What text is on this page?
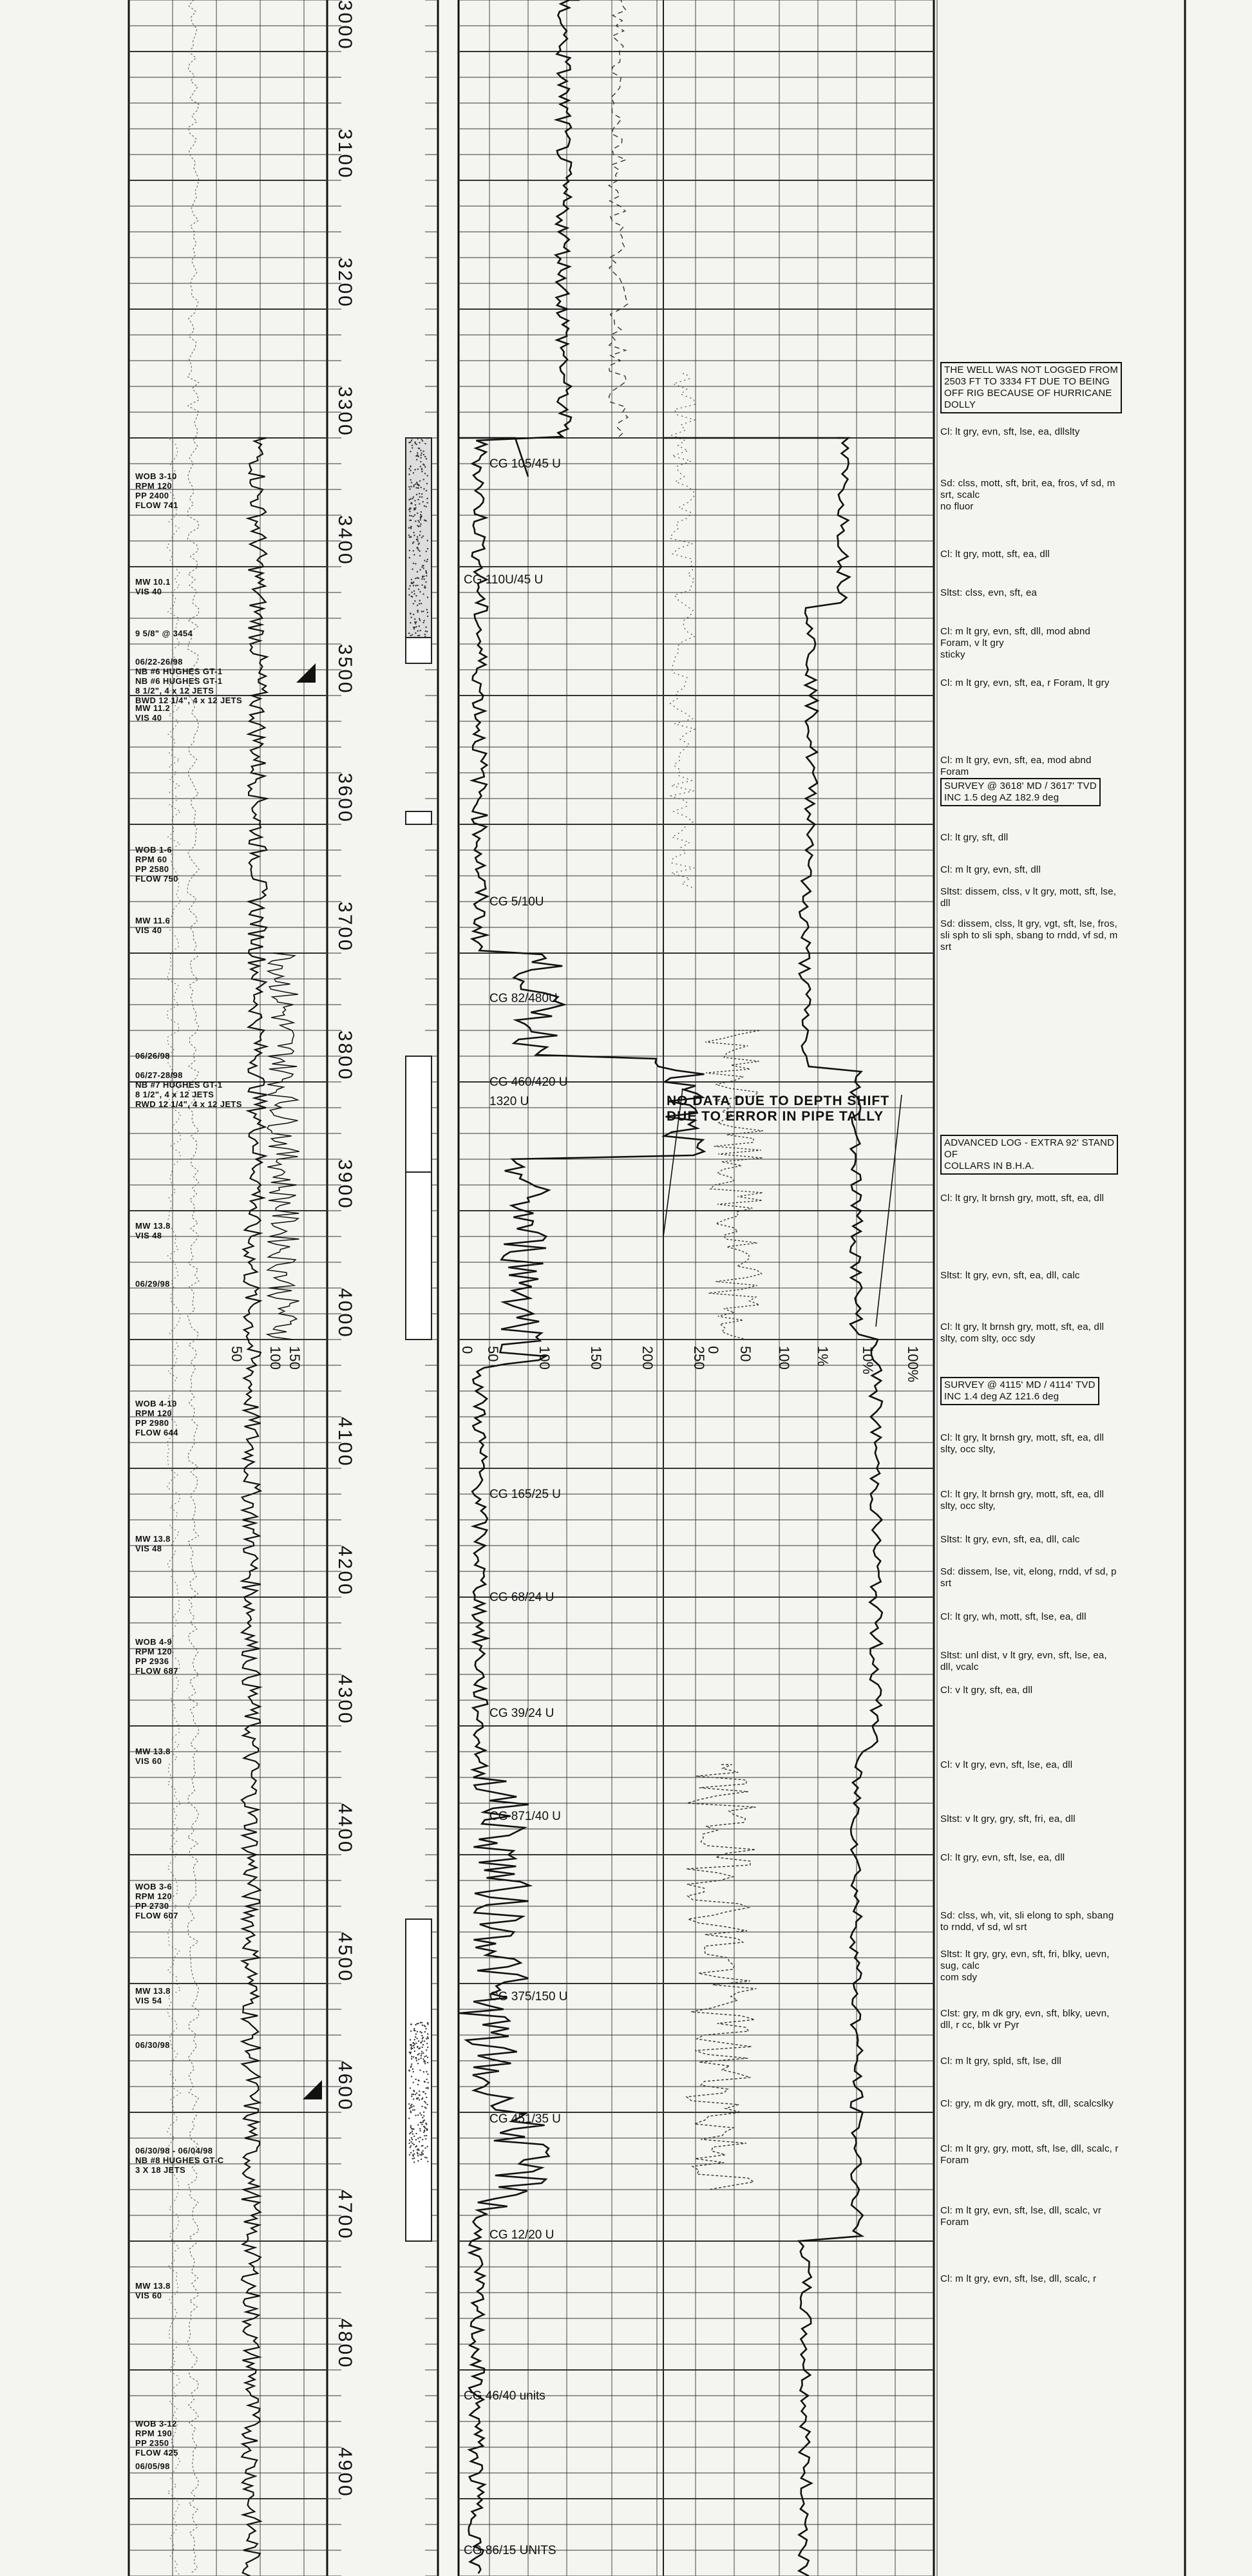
3000
3100
3200
3300
3400
3500
3600
3700
3800
3900
4000
4100
4200
4300
4400
4500
4600
4700
4800
4900
50 100 150	0 50	100	150	200	250
0 50 100 1% 10% 100%
NO DATA DUE TO DEPTH SHIFT
DUE TO ERROR IN PIPE TALLY
CG 105/45 U
CG 110U/45 U
CG 5/10U
CG 82/480U
CG 460/420 U
1320 U
CG 165/25 U
CG 68/24 U
CG 39/24 U
CG 871/40 U
CG 375/150 U
CG 451/35 U
CG 12/20 U
CG 46/40 units
CG 86/15 UNITS
WOB 3-10
RPM 120
PP 2400
FLOW 741
MW 10.1
VIS 40
9 5/8" @ 3454
06/22-26/98
NB #6 HUGHES GT-1
NB #6 HUGHES GT-1
8 1/2", 4 x 12 JETS
BWD 12 1/4", 4 x 12 JETS
MW 11.2
VIS 40
WOB 1-6
RPM 60
PP 2580
FLOW 750
MW 11.6
VIS 40
06/26/98
06/27-28/98
NB #7 HUGHES GT-1
8 1/2", 4 x 12 JETS
RWD 12 1/4", 4 x 12 JETS
MW 13.8
VIS 48
06/29/98
WOB 4-10
RPM 120
PP 2980
FLOW 644
MW 13.8
VIS 48
WOB 4-9
RPM 120
PP 2936
FLOW 687
MW 13.8
VIS 60
WOB 3-6
RPM 120
PP 2730
FLOW 607
MW 13.8
VIS 54
06/30/98
06/30/98 - 06/04/98
NB #8 HUGHES GT-C
3 X 18 JETS
MW 13.8
VIS 60
WOB 3-12
RPM 190
PP 2350
FLOW 425
06/05/98
THE WELL WAS NOT LOGGED FROM
2503 FT TO 3334 FT DUE TO BEING
OFF RIG BECAUSE OF HURRICANE
DOLLY
Cl: lt gry, evn, sft, lse, ea, dllslty
Sd: clss, mott, sft, brit, ea, fros, vf sd, m
srt, scalc
no fluor
Cl: lt gry, mott, sft, ea, dll
Sltst: clss, evn, sft, ea
Cl: m lt gry, evn, sft, dll, mod abnd
Foram, v lt gry
sticky
Cl: m lt gry, evn, sft, ea, r Foram, lt gry
Cl: m lt gry, evn, sft, ea, mod abnd
Foram
SURVEY @ 3618' MD / 3617' TVD
INC 1.5 deg AZ 182.9 deg
Cl: lt gry, sft, dll
Cl: m lt gry, evn, sft, dll
Sltst: dissem, clss, v lt gry, mott, sft, lse,
dll
Sd: dissem, clss, lt gry, vgt, sft, lse, fros,
sli sph to sli sph, sbang to rndd, vf sd, m
srt
ADVANCED LOG - EXTRA 92' STAND
OF
COLLARS IN B.H.A.
Cl: lt gry, lt brnsh gry, mott, sft, ea, dll
Sltst: lt gry, evn, sft, ea, dll, calc
Cl: lt gry, lt brnsh gry, mott, sft, ea, dll
slty, com slty, occ sdy
SURVEY @ 4115' MD / 4114' TVD
INC 1.4 deg AZ 121.6 deg
Cl: lt gry, lt brnsh gry, mott, sft, ea, dll
slty, occ slty,
Cl: lt gry, lt brnsh gry, mott, sft, ea, dll
slty, occ slty,
Sltst: lt gry, evn, sft, ea, dll, calc
Sd: dissem, lse, vit, elong, rndd, vf sd, p
srt
Cl: lt gry, wh, mott, sft, lse, ea, dll
Sltst: unl dist, v lt gry, evn, sft, lse, ea,
dll, vcalc
Cl: v lt gry, sft, ea, dll
Cl: v lt gry, evn, sft, lse, ea, dll
Sltst: v lt gry, gry, sft, fri, ea, dll
Cl: lt gry, evn, sft, lse, ea, dll
Sd: clss, wh, vit, sli elong to sph, sbang
to rndd, vf sd, wl srt
Sltst: lt gry, gry, evn, sft, fri, blky, uevn,
sug, calc
com sdy
Clst: gry, m dk gry, evn, sft, blky, uevn,
dll, r cc, blk vr Pyr
Cl: m lt gry, spld, sft, lse, dll
Cl: gry, m dk gry, mott, sft, dll, scalcslky
Cl: m lt gry, gry, mott, sft, lse, dll, scalc, r
Foram
Cl: m lt gry, evn, sft, lse, dll, scalc, vr
Foram
Cl: m lt gry, evn, sft, lse, dll, scalc, r
